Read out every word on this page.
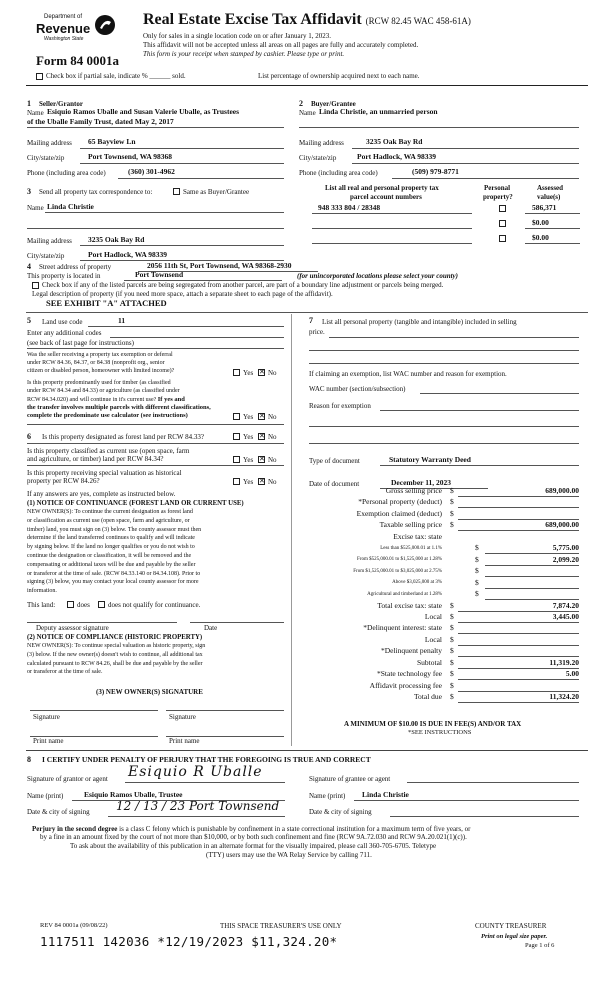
Department of
Revenue
Washington State
Real Estate Excise Tax Affidavit (RCW 82.45 WAC 458-61A)
Only for sales in a single location code on or after January 1, 2023.
This affidavit will not be accepted unless all areas on all pages are fully and accurately completed.
This form is your receipt when stamped by cashier. Please type or print.
Form 84 0001a
Check box if partial sale, indicate % ______ sold.	List percentage of ownership acquired next to each name.
1 Seller/Grantor
Name Esiquio Ramos Uballe and Susan Valerie Uballe, as Trustees
of the Uballe Family Trust, dated May 2, 2017
Mailing address 65 Bayview Ln
City/state/zip	Port Townsend, WA 98368
Phone (including area code)	(360) 301-4962
2 Buyer/Grantee
Name Linda Christie, an unmarried person
Mailing address	3235 Oak Bay Rd
City/state/zip	Port Hadlock, WA 98339
Phone (including area code)	(509) 979-8771
3 Send all property tax correspondence to:	Same as Buyer/Grantee
Name Linda Christie
Mailing address 3235 Oak Bay Rd
City/state/zip	Port Hadlock, WA 98339
List all real and personal property tax
parcel account numbers
Personal
property?
Assessed
value(s)
948 333 804 / 28348	586,371
$0.00
$0.00
4 Street address of property	2056 11th St, Port Townsend, WA 98368-2930
This property is located in	Port Townsend	(for unincorporated locations please select your county)
Check box if any of the listed parcels are being segregated from another parcel, are part of a boundary line adjustment or parcels being merged.
Legal description of property (if you need more space, attach a separate sheet to each page of the affidavit).
SEE EXHIBIT "A" ATTACHED
5 Land use code	11
Enter any additional codes
(see back of last page for instructions)
Was the seller receiving a property tax exemption or deferral
under RCW 84.36, 84.37, or 84.38 (nonprofit org., senior
citizen or disabled person, homeowner with limited income)?	Yes ✕ No
Is this property predominantly used for timber (as classified
under RCW 84.34 and 84.33) or agriculture (as classified under
RCW 84.34.020) and will continue in it's current use? If yes and
the transfer involves multiple parcels with different classifications,
complete the predominate use calculator (see instructions)	Yes ✕ No
6 Is this property designated as forest land per RCW 84.33?	Yes ✕ No
Is this property classified as current use (open space, farm
and agriculture, or timber) land per RCW 84.34?	Yes ✕ No
Is this property receiving special valuation as historical
property per RCW 84.26?	Yes ✕ No
If any answers are yes, complete as instructed below.
(1) NOTICE OF CONTINUANCE (FOREST LAND OR CURRENT USE)
NEW OWNER(S): To continue the current designation as forest land
or classification as current use (open space, farm and agriculture, or
timber) land, you must sign on (3) below. The county assessor must then
determine if the land transferred continues to qualify and will indicate
by signing below. If the land no longer qualifies or you do not wish to
continue the designation or classification, it will be removed and the
compensating or additional taxes will be due and payable by the seller
or transferor at the time of sale. (RCW 84.33.140 or 84.34.108). Prior to
signing (3) below, you may contact your local county assessor for more
information.
This land:	does	does not qualify for continuance.
Deputy assessor signature	Date
(2) NOTICE OF COMPLIANCE (HISTORIC PROPERTY)
NEW OWNER(S): To continue special valuation as historic property, sign
(3) below. If the new owner(s) doesn't wish to continue, all additional tax
calculated pursuant to RCW 84.26, shall be due and payable by the seller
or transferor at the time of sale.
(3) NEW OWNER(S) SIGNATURE
Signature	Signature
Print name	Print name
7 List all personal property (tangible and intangible) included in selling
price.
If claiming an exemption, list WAC number and reason for exemption.
WAC number (section/subsection)
Reason for exemption
Type of document	Statutory Warranty Deed
Date of document	December 11, 2023
Gross selling price $	689,000.00
*Personal property (deduct) $
Exemption claimed (deduct) $
Taxable selling price $	689,000.00
Excise tax: state
Less than $525,000.01 at 1.1%	$	5,775.00
From $525,000.01 to $1,525,000 at 1.28%	$	2,099.20
From $1,525,000.01 to $3,025,000 at 2.75%	$
Above $3,025,000 at 3%	$
Agricultural and timberland at 1.28%	$
Total excise tax: state $	7,874.20
Local $	3,445.00
*Delinquent interest: state $
Local $
*Delinquent penalty $
Subtotal $	11,319.20
*State technology fee $	5.00
Affidavit processing fee $
Total due $	11,324.20
A MINIMUM OF $10.00 IS DUE IN FEE(S) AND/OR TAX
*SEE INSTRUCTIONS
8 I CERTIFY UNDER PENALTY OF PERJURY THAT THE FOREGOING IS TRUE AND CORRECT
Signature of grantor or agent Esiquio R Uballe	Signature of grantee or agent
Name (print)	Esiquio Ramos Uballe, Trustee	Name (print) Linda Christie
Date & city of signing 12 / 13 / 23 Port Townsend	Date & city of signing
Perjury in the second degree is a class C felony which is punishable by confinement in a state correctional institution for a maximum term of five years, or
by a fine in an amount fixed by the court of not more than $10,000, or by both such confinement and fine (RCW 9A.72.030 and RCW 9A.20.021(1)(c)).
To ask about the availability of this publication in an alternate format for the visually impaired, please call 360-705-6705. Teletype
(TTY) users may use the WA Relay Service by calling 711.
REV 84 0001a (09/08/22)	THIS SPACE TREASURER'S USE ONLY	COUNTY TREASURER
1117511 142036 *12/19/2023 $11,324.20*	Print on legal size paper.
Page 1 of 6
